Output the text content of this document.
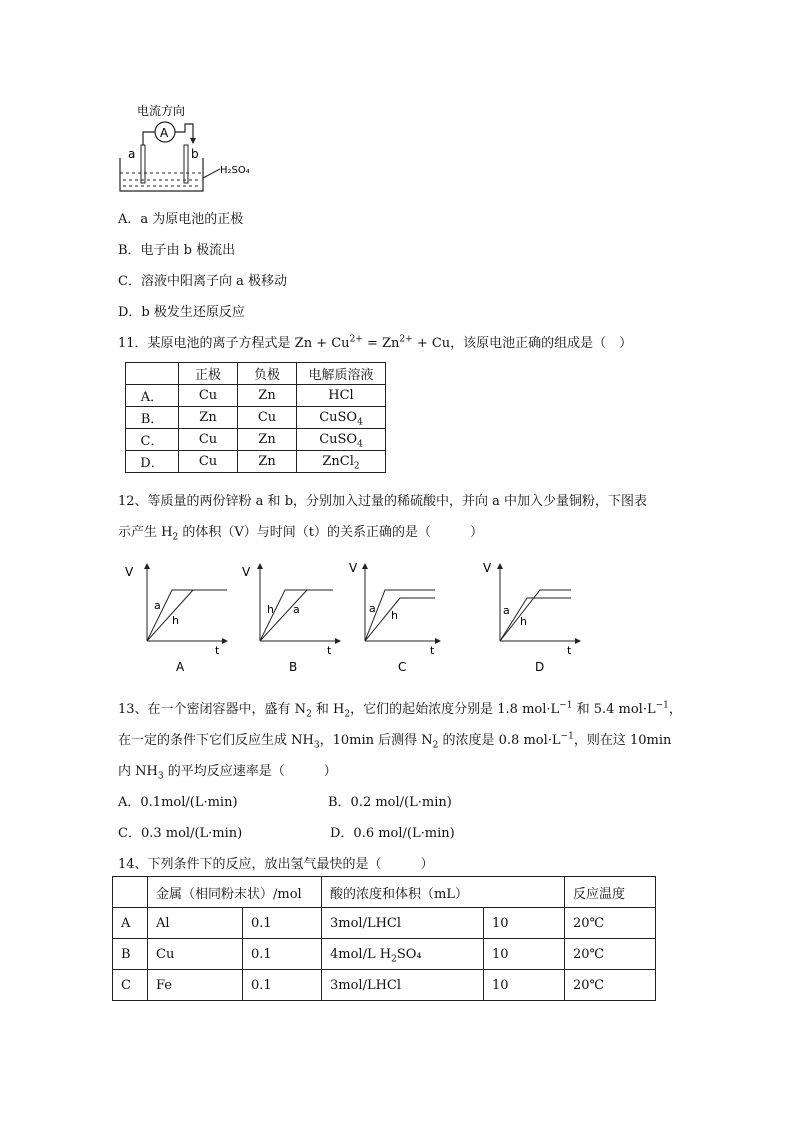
电流方向
A
a	b
H₂SO₄
A．a 为原电池的正极
B．电子由 b 极流出
C．溶液中阳离子向 a 极移动
D．b 极发生还原反应
11．某原电池的离子方程式是 $Zn + Cu^{2+} = Zn^{2+} + Cu$，该原电池正确的组成是（　）
	正极	负极	电解质溶液
A．	Cu	Zn	HCl
B．	Zn	Cu	CuSO$_4$
C．	Cu	Zn	CuSO$_4$
D．	Cu	Zn	ZnCl$_2$
12、等质量的两份锌粉 a 和 b，分别加入过量的稀硫酸中，并向 a 中加入少量铜粉，下图表
示产生 $H_2$ 的体积（V）与时间（t）的关系正确的是（　　　）
V
a
h
t
A
V
h a
t
B
V
a
h
t
C
V
a
h
t
D
13、在一个密闭容器中，盛有 $N_2$ 和 $H_2$，它们的起始浓度分别是 1.8 $mol\cdot L^{-1}$ 和 5.4 $mol\cdot L^{-1}$，
在一定的条件下它们反应生成 $NH_3$，10min 后测得 $N_2$ 的浓度是 0.8 $mol\cdot L^{-1}$，则在这 10min
内 $NH_3$ 的平均反应速率是（　　　）
A．0.1mol/(L·min)	B．0.2 mol/(L·min)
C．0.3 mol/(L·min)	D．0.6 mol/(L·min)
14、下列条件下的反应，放出氢气最快的是（　　　）
	金属（相同粉末状）/mol		酸的浓度和体积（mL）		反应温度
A	Al	0.1	3mol/LHCl	10	20℃
B	Cu	0.1	4mol/L $H_2SO_4$	10	20℃
C	Fe	0.1	3mol/LHCl	10	20℃
